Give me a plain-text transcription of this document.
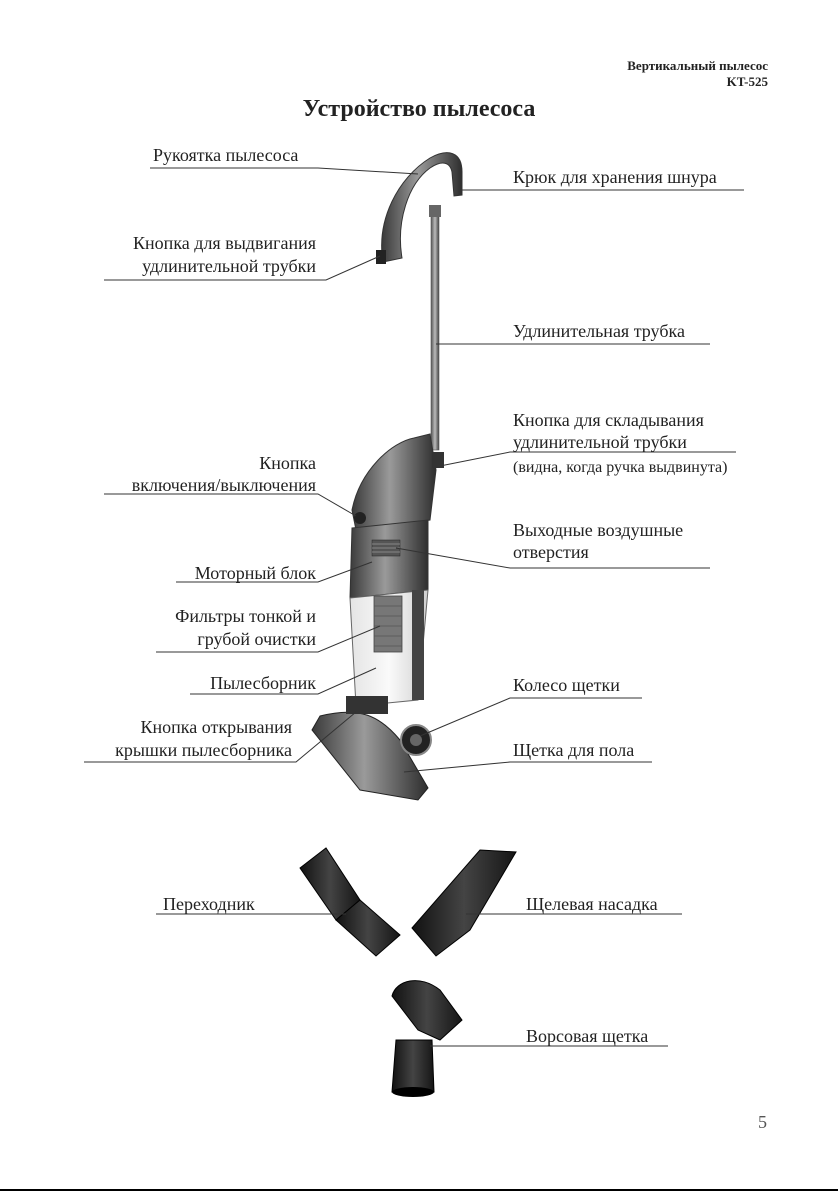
Вертикальный пылесос
KT-525
Устройство пылесоса
Рукоятка пылесоса
Крюк для хранения шнура
Кнопка для выдвигания
удлинительной трубки
Удлинительная трубка
Кнопка для складывания
удлинительной трубки
(видна, когда ручка выдвинута)
Кнопка
включения/выключения
Выходные воздушные
отверстия
Моторный блок
Фильтры тонкой и
грубой очистки
Пылесборник	Колесо щетки
Кнопка открывания
крышки пылесборника	Щетка для пола
Переходник	Щелевая насадка
Ворсовая щетка
5
